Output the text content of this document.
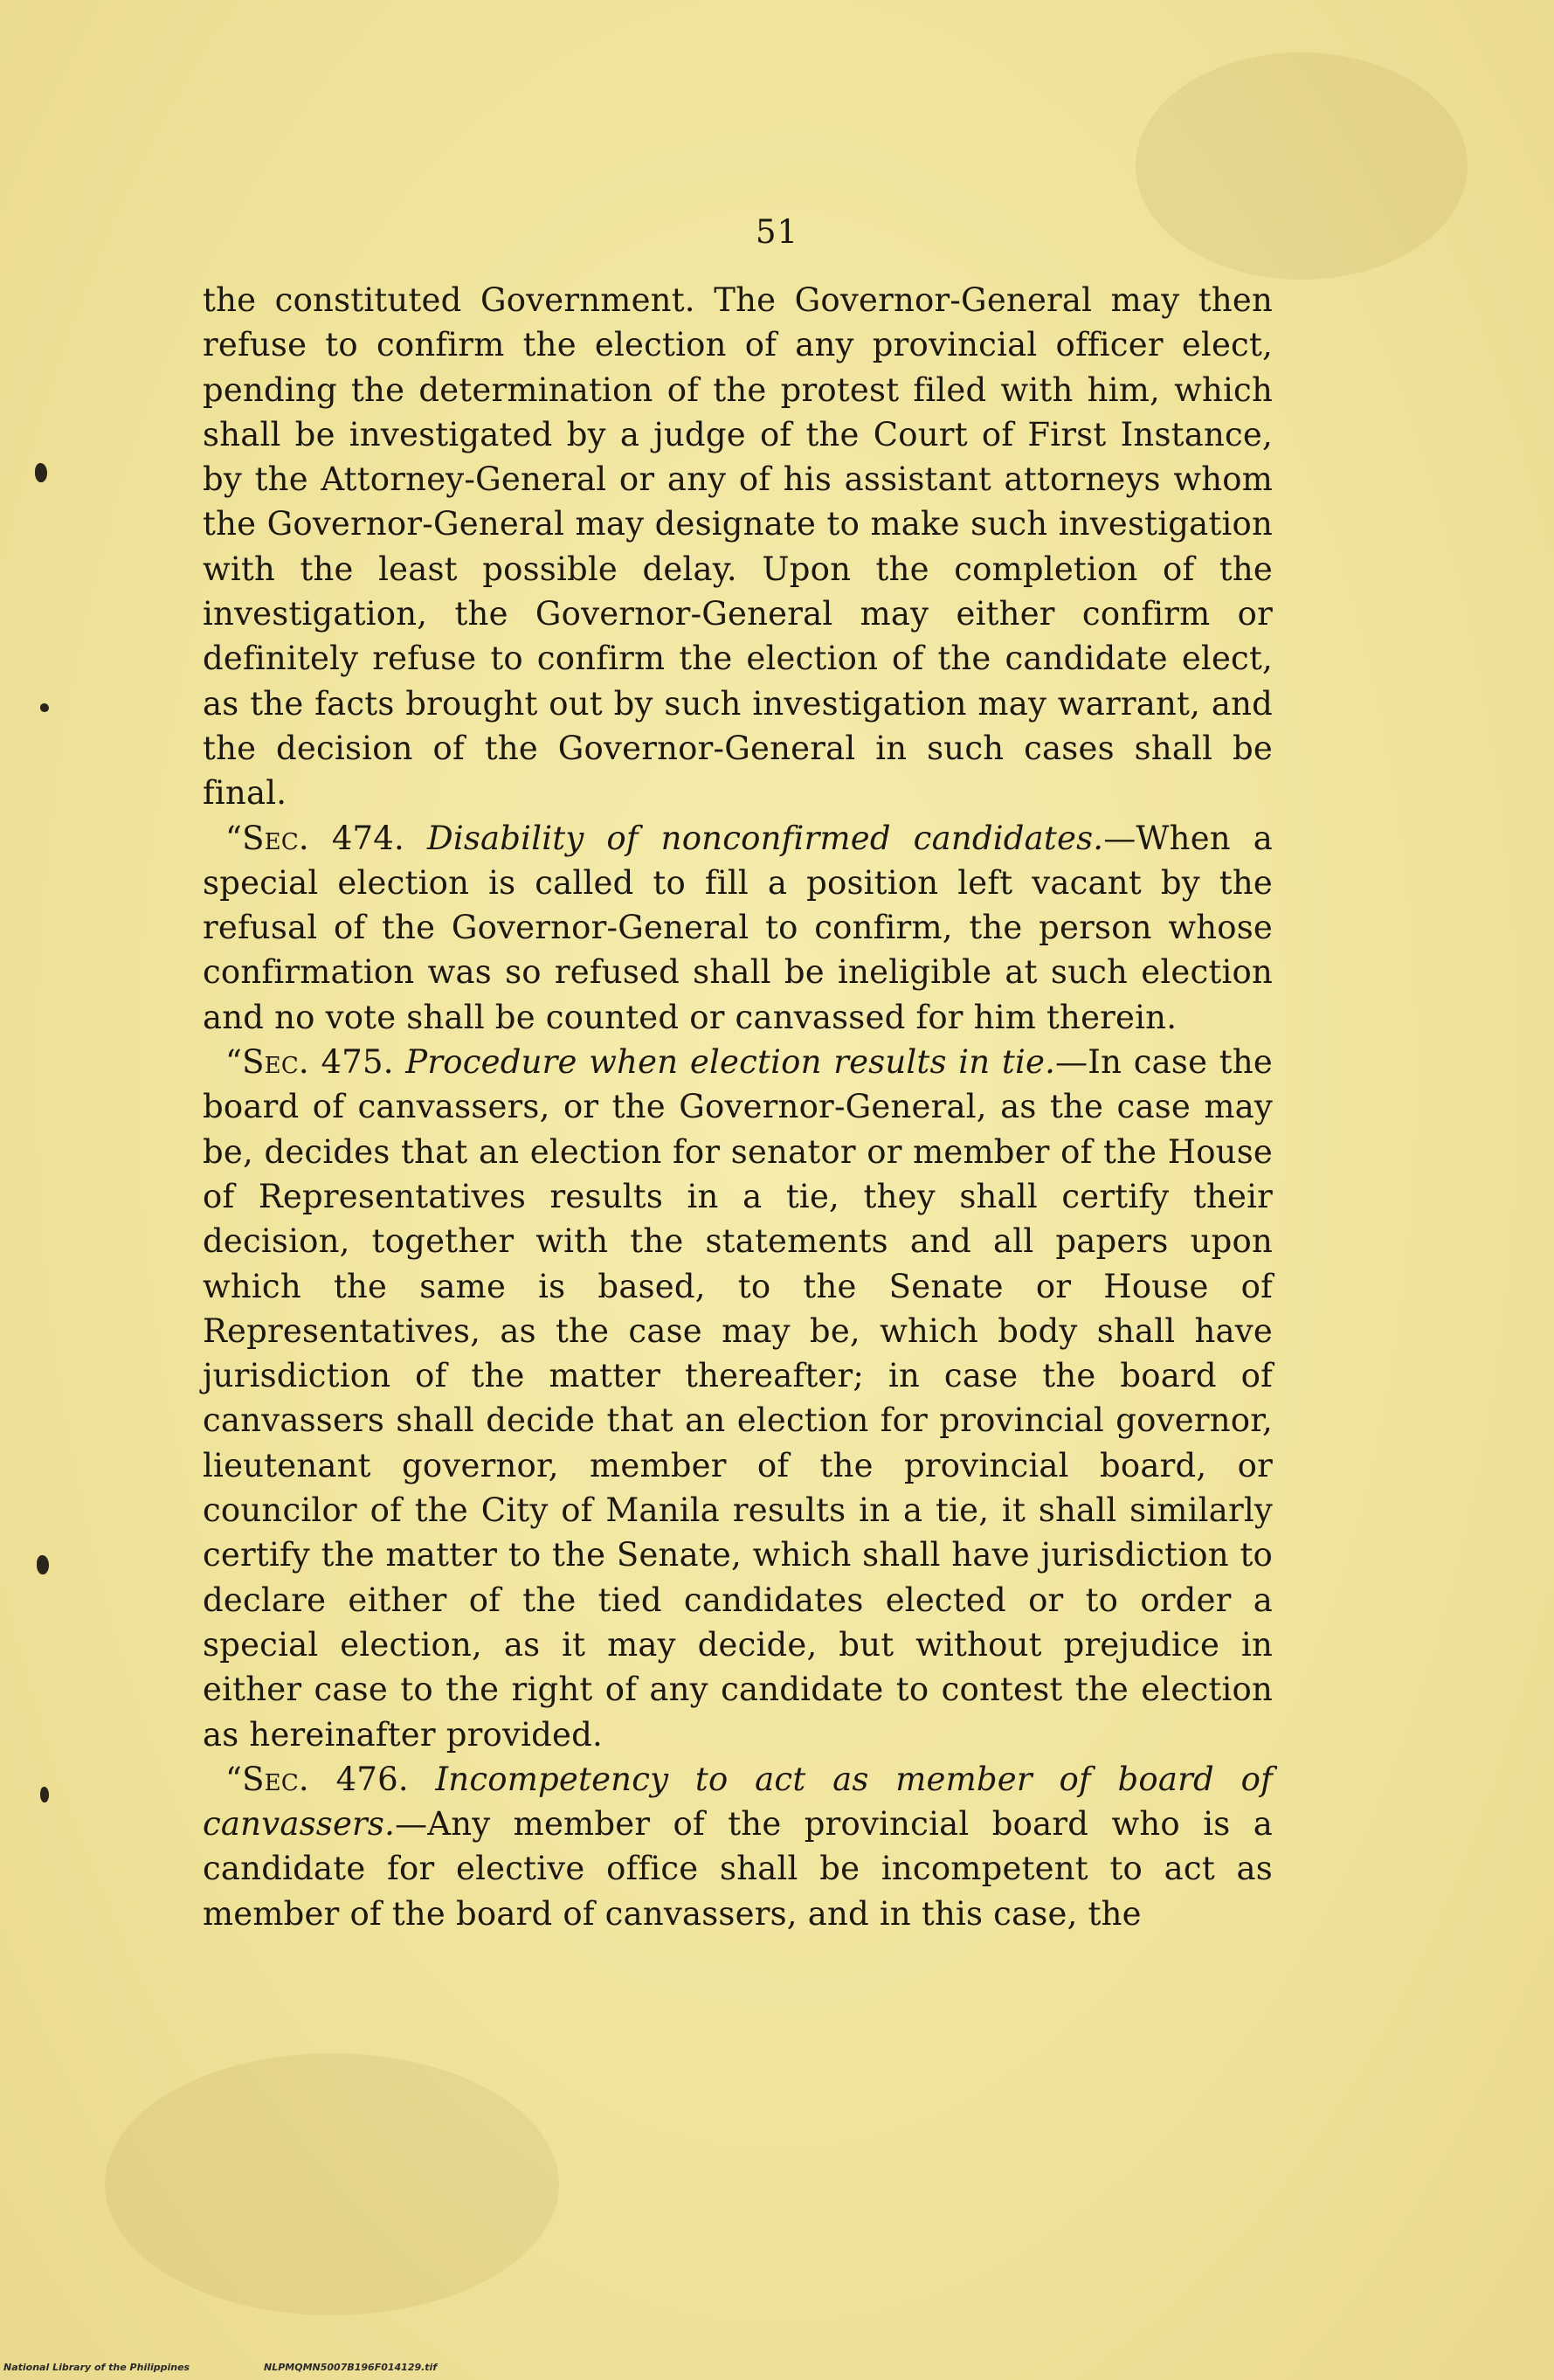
51

the constituted Government. The Governor-General may then refuse to confirm the election of any provincial officer elect, pending the determination of the protest filed with him, which shall be investigated by a judge of the Court of First Instance, by the Attorney-General or any of his assistant attorneys whom the Governor-General may designate to make such investigation with the least possible delay. Upon the completion of the investigation, the Governor-General may either confirm or definitely refuse to confirm the election of the candidate elect, as the facts brought out by such investigation may warrant, and the decision of the Governor-General in such cases shall be final.

“Sec. 474. Disability of nonconfirmed candidates.—When a special election is called to fill a position left vacant by the refusal of the Governor-General to confirm, the person whose confirmation was so refused shall be ineligible at such election and no vote shall be counted or canvassed for him therein.

“Sec. 475. Procedure when election results in tie.—In case the board of canvassers, or the Governor-General, as the case may be, decides that an election for senator or member of the House of Representatives results in a tie, they shall certify their decision, together with the statements and all papers upon which the same is based, to the Senate or House of Representatives, as the case may be, which body shall have jurisdiction of the matter thereafter; in case the board of canvassers shall decide that an election for provincial governor, lieutenant governor, member of the provincial board, or councilor of the City of Manila results in a tie, it shall similarly certify the matter to the Senate, which shall have jurisdiction to declare either of the tied candidates elected or to order a special election, as it may decide, but without prejudice in either case to the right of any candidate to contest the election as hereinafter provided.

“Sec. 476. Incompetency to act as member of board of canvassers.—Any member of the provincial board who is a candidate for elective office shall be incompetent to act as member of the board of canvassers, and in this case, the

National Library of the Philippines	NLPMQMN5007B196F014129.tif
